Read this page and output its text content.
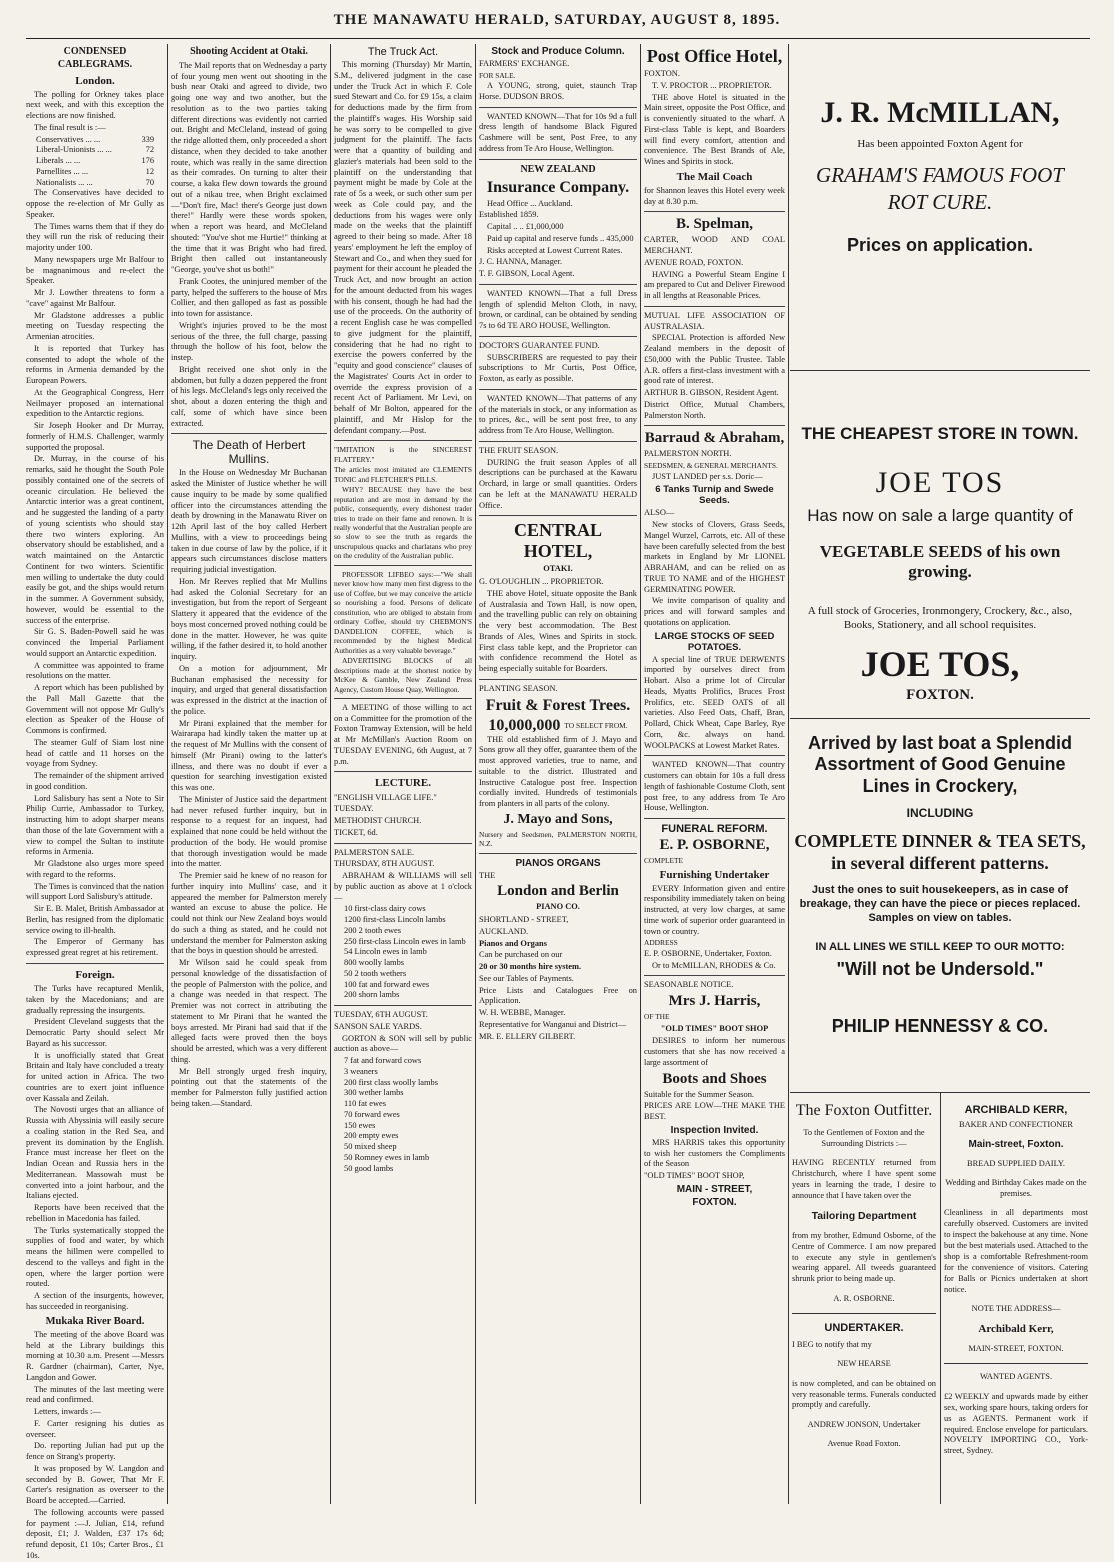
THE MANAWATU HERALD, SATURDAY, AUGUST 8, 1895.
CONDENSED CABLEGRAMS.
London.

The polling for Orkney takes place next week, and with this exception the elections are now finished.

The final result is :—

Conservatives ... ...	339
Liberal-Unionists ... ...	72
Liberals ... ...	176
Parnellites ... ...	12
Nationalists ... ...	70

The Conservatives have decided to oppose the re-election of Mr Gully as Speaker.

The Times warns them that if they do they will run the risk of reducing their majority under 100.

Many newspapers urge Mr Balfour to be magnanimous and re-elect the Speaker.

Mr J. Lowther threatens to form a "cave" against Mr Balfour.

Mr Gladstone addresses a public meeting on Tuesday respecting the Armenian atrocities.

It is reported that Turkey has consented to adopt the whole of the reforms in Armenia demanded by the European Powers.

At the Geographical Congress, Herr Neilmayer proposed an international expedition to the Antarctic regions.

Sir Joseph Hooker and Dr Murray, formerly of H.M.S. Challenger, warmly supported the proposal.

Dr. Murray, in the course of his remarks, said he thought the South Pole possibly contained one of the secrets of oceanic circulation. He believed the Antarctic interior was a great continent, and he suggested the landing of a party of young scientists who should stay there two winters exploring. An observatory should be established, and a watch maintained on the Antarctic Continent for two winters. Scientific men willing to undertake the duty could easily be got, and the ships would return in the summer. A Government subsidy, however, would be essential to the success of the enterprise.

Sir G. S. Baden-Powell said he was convinced the Imperial Parliament would support an Antarctic expedition.

A committee was appointed to frame resolutions on the matter.

A report which has been published by the Pall Mall Gazette that the Government will not oppose Mr Gully's election as Speaker of the House of Commons is confirmed.

The steamer Gulf of Siam lost nine head of cattle and 11 horses on the voyage from Sydney.

The remainder of the shipment arrived in good condition.

Lord Salisbury has sent a Note to Sir Philip Currie, Ambassador to Turkey, instructing him to adopt sharper means than those of the late Government with a view to compel the Sultan to institute reforms in Armenia.

Mr Gladstone also urges more speed with regard to the reforms.

The Times is convinced that the nation will support Lord Salisbury's attitude.

Sir E. B. Malet, British Ambassador at Berlin, has resigned from the diplomatic service owing to ill-health.

The Emperor of Germany has expressed great regret at his retirement.

Foreign.

The Turks have recaptured Menlik, taken by the Macedonians; and are gradually repressing the insurgents.

President Cleveland suggests that the Democratic Party should select Mr Bayard as his successor.

It is unofficially stated that Great Britain and Italy have concluded a treaty for united action in Africa. The two countries are to exert joint influence over Kassala and Zeilah.

The Novosti urges that an alliance of Russia with Abyssinia will easily secure a coaling station in the Red Sea, and prevent its domination by the English. France must increase her fleet on the Indian Ocean and Russia hers in the Mediterranean. Massowah must be converted into a joint harbour, and the Italians ejected.

Reports have been received that the rebellion in Macedonia has failed.

The Turks systematically stopped the supplies of food and water, by which means the hillmen were compelled to descend to the valleys and fight in the open, where the larger portion were routed.

A section of the insurgents, however, has succeeded in reorganising.

Mukaka River Board.

The meeting of the above Board was held at the Library buildings this morning at 10.30 a.m. Present —Messrs R. Gardner (chairman), Carter, Nye, Langdon and Gower.

The minutes of the last meeting were read and confirmed.

Letters, inwards :—

F. Carter resigning his duties as overseer.

Do. reporting Julian had put up the fence on Strang's property.

It was proposed by W. Langdon and seconded by B. Gower, That Mr F. Carter's resignation as overseer to the Board be accepted.—Carried.

The following accounts were passed for payment :—J. Julian, £14, refund deposit, £1; J. Walden, £37 17s 6d; refund deposit, £1 10s; Carter Bros., £1 10s.

Shooting Accident at Otaki.

The Mail reports that on Wednesday a party of four young men went out shooting in the bush near Otaki and agreed to divide, two going one way and two another, but the resolution as to the two parties taking different directions was evidently not carried out. Bright and McCleland, instead of going the ridge allotted them, only proceeded a short distance, when they decided to take another route, which was really in the same direction as their comrades. On turning to alter their course, a kaka flew down towards the ground out of a nikau tree, when Bright exclaimed —"Don't fire, Mac! there's George just down there!" Hardly were these words spoken, when a report was heard, and McCleland shouted: "You've shot me Hurtie!" thinking at the time that it was Bright who had fired. Bright then called out instantaneously "George, you've shot us both!"

Frank Cootes, the uninjured member of the party, helped the sufferers to the house of Mrs Collier, and then galloped as fast as possible into town for assistance.

Wright's injuries proved to be the most serious of the three, the full charge, passing through the hollow of his foot, below the instep.

Bright received one shot only in the abdomen, but fully a dozen peppered the front of his legs. McCleland's legs only received the shot, about a dozen entering the thigh and calf, some of which have since been extracted.

The Death of Herbert Mullins.

In the House on Wednesday Mr Buchanan asked the Minister of Justice whether he will cause inquiry to be made by some qualified officer into the circumstances attending the death by drowning in the Manawatu River on 12th April last of the boy called Herbert Mullins, with a view to proceedings being taken in due course of law by the police, if it appears such circumstances disclose matters requiring judicial investigation.

Hon. Mr Reeves replied that Mr Mullins had asked the Colonial Secretary for an investigation, but from the report of Sergeant Slattery it appeared that the evidence of the boys most concerned proved nothing could be done in the matter. However, he was quite willing, if the father desired it, to hold another inquiry.

On a motion for adjournment, Mr Buchanan emphasised the necessity for inquiry, and urged that general dissatisfaction was expressed in the district at the inaction of the police.

Mr Pirani explained that the member for Wairarapa had kindly taken the matter up at the request of Mr Mullins with the consent of himself (Mr Pirani) owing to the latter's illness, and there was no doubt if ever a question for searching investigation existed this was one.

The Minister of Justice said the department had never refused further inquiry, but in response to a request for an inquest, had explained that none could be held without the production of the body. He would promise that thorough investigation would be made into the matter.

The Premier said he knew of no reason for further inquiry into Mullins' case, and it appeared the member for Palmerston merely wanted an excuse to abuse the police. He could not think our New Zealand boys would do such a thing as stated, and he could not understand the member for Palmerston asking that the boys in question should be arrested.

Mr Wilson said he could speak from personal knowledge of the dissatisfaction of the people of Palmerston with the police, and a change was needed in that respect. The Premier was not correct in attributing the statement to Mr Pirani that he wanted the boys arrested. Mr Pirani had said that if the alleged facts were proved then the boys should be arrested, which was a very different thing.

Mr Bell strongly urged fresh inquiry, pointing out that the statements of the member for Palmerston fully justified action being taken.—Standard.

The Truck Act.

This morning (Thursday) Mr Martin, S.M., delivered judgment in the case under the Truck Act in which F. Cole sued Stewart and Co. for £9 15s, a claim for deductions made by the firm from the plaintiff's wages. His Worship said he was sorry to be compelled to give judgment for the plaintiff. The facts were that a quantity of building and glazier's materials had been sold to the plaintiff on the understanding that payment might be made by Cole at the rate of 5s a week, or such other sum per week as Cole could pay, and the deductions from his wages were only made on the weeks that the plaintiff agreed to their being so made. After 18 years' employment he left the employ of Stewart and Co., and when they sued for payment for their account he pleaded the Truck Act, and now brought an action for the amount deducted from his wages with his consent, though he had had the use of the proceeds. On the authority of a recent English case he was compelled to give judgment for the plaintiff, considering that he had no right to exercise the powers conferred by the "equity and good conscience" clauses of the Magistrates' Courts Act in order to override the express provision of a recent Act of Parliament. Mr Levi, on behalf of Mr Bolton, appeared for the plaintiff, and Mr Hislop for the defendant company.—Post.

"IMITATION is the SINCEREST FLATTERY."

The articles most imitated are CLEMENTS TONIC and FLETCHER'S PILLS.

WHY? BECAUSE they have the best reputation and are most in demand by the public, consequently, every dishonest trader tries to trade on their fame and renown. It is really wonderful that the Australian people are so slow to see the truth as regards the unscrupulous quacks and charlatans who prey on the credulity of the Australian public.

PROFESSOR LIFBEO says:—"We shall never know how many men first digress to the use of Coffee, but we may conceive the article so nourishing a food. Persons of delicate constitution, who are obliged to abstain from ordinary Coffee, should try CHEBMON'S DANDELION COFFEE, which is recommended by the highest Medical Authorities as a very valuable beverage."

ADVERTISING BLOCKS of all descriptions made at the shortest notice by McKee & Gamble, New Zealand Press Agency, Custom House Quay, Wellington.

A MEETING of those willing to act on a Committee for the promotion of the Foxton Tramway Extension, will be held at Mr McMillan's Auction Room on TUESDAY EVENING, 6th August, at 7 p.m.

LECTURE.

"ENGLISH VILLAGE LIFE."

TUESDAY.

METHODIST CHURCH.

TICKET, 6d.

PALMERSTON SALE.

THURSDAY, 8TH AUGUST.

ABRAHAM & WILLIAMS will sell by public auction as above at 1 o'clock—

10 first-class dairy cows
1200 first-class Lincoln lambs
200 2 tooth ewes
250 first-class Lincoln ewes in lamb
54 Lincoln ewes in lamb
800 woolly lambs
50 2 tooth wethers
100 fat and forward ewes
200 shorn lambs

TUESDAY, 6TH AUGUST.

SANSON SALE YARDS.

GORTON & SON will sell by public auction as above—

7 fat and forward cows
3 weaners
200 first class woolly lambs
300 wether lambs
110 fat ewes
70 forward ewes
150 ewes
200 empty ewes
50 mixed sheep
50 Romney ewes in lamb
50 good lambs
Stock and Produce Column.

FARMERS' EXCHANGE.

FOR SALE.

A YOUNG, strong, quiet, staunch Trap Horse. DUDSON BROS.

WANTED KNOWN—That for 10s 9d a full dress length of handsome Black Figured Cashmere will be sent, Post Free, to any address from Te Aro House, Wellington.

NEW ZEALAND
Insurance Company.

Head Office ... Auckland.

Established 1859.

Capital .. .. £1,000,000

Paid up capital and reserve funds .. 435,000

Risks accepted at Lowest Current Rates.

J. C. HANNA, Manager.

T. F. GIBSON, Local Agent.

WANTED KNOWN—That a full Dress length of splendid Melton Cloth, in navy, brown, or cardinal, can be obtained by sending 7s to 6d TE ARO HOUSE, Wellington.

DOCTOR'S GUARANTEE FUND.

SUBSCRIBERS are requested to pay their subscriptions to Mr Curtis, Post Office, Foxton, as early as possible.

WANTED KNOWN—That patterns of any of the materials in stock, or any information as to prices, &c., will be sent post free, to any address from Te Aro House, Wellington.

THE FRUIT SEASON.

DURING the fruit season Apples of all descriptions can be purchased at the Kawaru Orchard, in large or small quantities. Orders can be left at the MANAWATU HERALD Office.

CENTRAL HOTEL,
OTAKI.

G. O'LOUGHLIN ... PROPRIETOR.

THE above Hotel, situate opposite the Bank of Australasia and Town Hall, is now open, and the travelling public can rely on obtaining the very best accommodation. The Best Brands of Ales, Wines and Spirits in stock. First class table kept, and the Proprietor can with confidence recommend the Hotel as being especially suitable for Boarders.

PLANTING SEASON.

Fruit & Forest Trees.
10,000,000 TO SELECT FROM.

THE old established firm of J. Mayo and Sons grow all they offer, guarantee them of the most approved varieties, true to name, and suitable to the district. Illustrated and Instructive Catalogue post free. Inspection cordially invited. Hundreds of testimonials from planters in all parts of the colony.

J. Mayo and Sons,

Nursery and Seedsmen, PALMERSTON NORTH, N.Z.

PIANOS ORGANS

THE

London and Berlin
PIANO CO.

SHORTLAND - STREET,

AUCKLAND.

Pianos and Organs

Can be purchased on our

20 or 30 months hire system.

See our Tables of Payments.

Price Lists and Catalogues Free on Application.

W. H. WEBBE, Manager.

Representative for Wanganui and District—

MR. E. ELLERY GILBERT.

Post Office Hotel,

FOXTON.

T. V. PROCTOR ... PROPRIETOR.

THE above Hotel is situated in the Main street, opposite the Post Office, and is conveniently situated to the wharf. A First-class Table is kept, and Boarders will find every comfort, attention and convenience. The Best Brands of Ale, Wines and Spirits in stock.

The Mail Coach

for Shannon leaves this Hotel every week day at 8.30 p.m.

B. Spelman,

CARTER, WOOD AND COAL MERCHANT.

AVENUE ROAD, FOXTON.

HAVING a Powerful Steam Engine I am prepared to Cut and Deliver Firewood in all lengths at Reasonable Prices.

MUTUAL LIFE ASSOCIATION OF AUSTRALASIA.

SPECIAL Protection is afforded New Zealand members in the deposit of £50,000 with the Public Trustee. Table A.R. offers a first-class investment with a good rate of interest.

ARTHUR B. GIBSON, Resident Agent.

District Office, Mutual Chambers, Palmerston North.

Barraud & Abraham,

PALMERSTON NORTH.

SEEDSMEN, & GENERAL MERCHANTS.

JUST LANDED per s.s. Doric—

6 Tanks Turnip and Swede Seeds.

ALSO—

New stocks of Clovers, Grass Seeds, Mangel Wurzel, Carrots, etc. All of these have been carefully selected from the best markets in England by Mr LIONEL ABRAHAM, and can be relied on as TRUE TO NAME and of the HIGHEST GERMINATING POWER.

We invite comparison of quality and prices and will forward samples and quotations on application.

LARGE STOCKS OF SEED POTATOES.

A special line of TRUE DERWENTS imported by ourselves direct from Hobart. Also a prime lot of Circular Heads, Myatts Prolifics, Bruces Frost Prolifics, etc. SEED OATS of all varieties. Also Feed Oats, Chaff, Bran, Pollard, Chick Wheat, Cape Barley, Rye Corn, &c. always on hand. WOOLPACKS at Lowest Market Rates.

WANTED KNOWN—That country customers can obtain for 10s a full dress length of fashionable Costume Cloth, sent post free, to any address from Te Aro House, Wellington.

FUNERAL REFORM.
E. P. OSBORNE,

COMPLETE

Furnishing Undertaker

EVERY Information given and entire responsibility immediately taken on being instructed, at very low charges, at same time work of superior order guaranteed in town or country.

ADDRESS

E. P. OSBORNE, Undertaker, Foxton.

Or to McMILLAN, RHODES & Co.

SEASONABLE NOTICE.

Mrs J. Harris,

OF THE

"OLD TIMES" BOOT SHOP

DESIRES to inform her numerous customers that she has now received a large assortment of

Boots and Shoes

Suitable for the Summer Season.

PRICES ARE LOW—THE MAKE THE BEST.

Inspection Invited.

MRS HARRIS takes this opportunity to wish her customers the Compliments of the Season

"OLD TIMES" BOOT SHOP,

MAIN - STREET,
FOXTON.
J. R. McMILLAN,
Has been appointed Foxton Agent for
GRAHAM'S FAMOUS FOOT ROT CURE.
Prices on application.
THE CHEAPEST STORE IN TOWN.
JOE TOS
Has now on sale a large quantity of
VEGETABLE SEEDS of his own growing.
A full stock of Groceries, Ironmongery, Crockery, &c., also, Books, Stationery, and all school requisites.
JOE TOS,
FOXTON.
Arrived by last boat a Splendid Assortment of Good Genuine Lines in Crockery,
INCLUDING
COMPLETE DINNER & TEA SETS, in several different patterns.
Just the ones to suit housekeepers, as in case of breakage, they can have the piece or pieces replaced. Samples on view on tables.
IN ALL LINES WE STILL KEEP TO OUR MOTTO:
"Will not be Undersold."
PHILIP HENNESSY & CO.
The Foxton Outfitter.

To the Gentlemen of Foxton and the Surrounding Districts :—

HAVING RECENTLY returned from Christchurch, where I have spent some years in learning the trade, I desire to announce that I have taken over the

Tailoring Department

from my brother, Edmund Osborne, of the Centre of Commerce. I am now prepared to execute any style in gentlemen's wearing apparel. All tweeds guaranteed shrunk prior to being made up.

A. R. OSBORNE.

UNDERTAKER.

I BEG to notify that my

NEW HEARSE

is now completed, and can be obtained on very reasonable terms. Funerals conducted promptly and carefully.

ANDREW JONSON, Undertaker

Avenue Road Foxton.

ARCHIBALD KERR,

BAKER AND CONFECTIONER

Main-street, Foxton.

BREAD SUPPLIED DAILY.

Wedding and Birthday Cakes made on the premises.

Cleanliness in all departments most carefully observed. Customers are invited to inspect the bakehouse at any time. None but the best materials used. Attached to the shop is a comfortable Refreshment-room for the convenience of visitors. Catering for Balls or Picnics undertaken at short notice.

NOTE THE ADDRESS—

Archibald Kerr,

MAIN-STREET, FOXTON.

WANTED AGENTS.

£2 WEEKLY and upwards made by either sex, working spare hours, taking orders for us as AGENTS. Permanent work if required. Enclose envelope for particulars. NOVELTY IMPORTING CO., York-street, Sydney.
